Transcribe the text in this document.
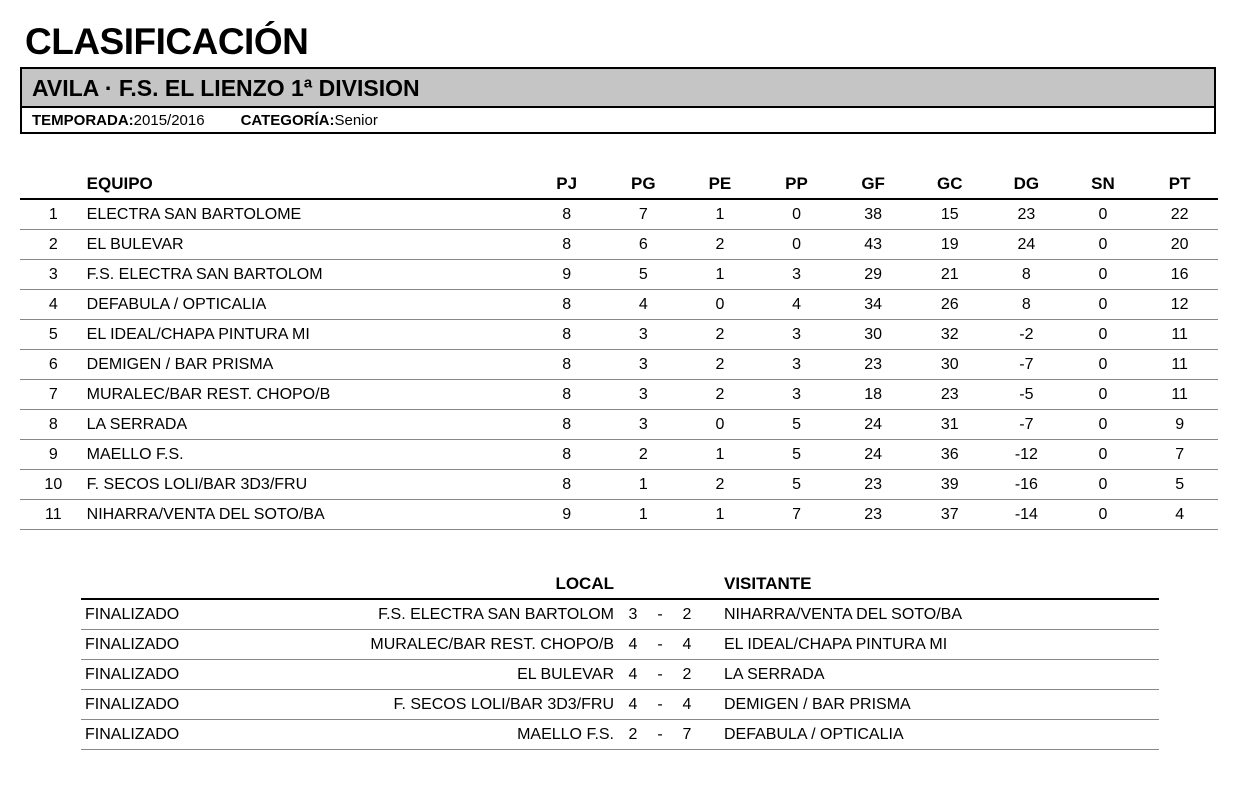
CLASIFICACIÓN
AVILA · F.S. EL LIENZO 1ª DIVISION
TEMPORADA:2015/2016 CATEGORÍA:Senior
	EQUIPO	PJ	PG	PE	PP	GF	GC	DG	SN	PT
1	ELECTRA SAN BARTOLOME	8	7	1	0	38	15	23	0	22
2	EL BULEVAR	8	6	2	0	43	19	24	0	20
3	F.S. ELECTRA SAN BARTOLOM	9	5	1	3	29	21	8	0	16
4	DEFABULA / OPTICALIA	8	4	0	4	34	26	8	0	12
5	EL IDEAL/CHAPA PINTURA MI	8	3	2	3	30	32	-2	0	11
6	DEMIGEN / BAR PRISMA	8	3	2	3	23	30	-7	0	11
7	MURALEC/BAR REST. CHOPO/B	8	3	2	3	18	23	-5	0	11
8	LA SERRADA	8	3	0	5	24	31	-7	0	9
9	MAELLO F.S.	8	2	1	5	24	36	-12	0	7
10	F. SECOS LOLI/BAR 3D3/FRU	8	1	2	5	23	39	-16	0	5
11	NIHARRA/VENTA DEL SOTO/BA	9	1	1	7	23	37	-14	0	4
	LOCAL				VISITANTE
FINALIZADO	F.S. ELECTRA SAN BARTOLOM	3	-	2	NIHARRA/VENTA DEL SOTO/BA
FINALIZADO	MURALEC/BAR REST. CHOPO/B	4	-	4	EL IDEAL/CHAPA PINTURA MI
FINALIZADO	EL BULEVAR	4	-	2	LA SERRADA
FINALIZADO	F. SECOS LOLI/BAR 3D3/FRU	4	-	4	DEMIGEN / BAR PRISMA
FINALIZADO	MAELLO F.S.	2	-	7	DEFABULA / OPTICALIA
